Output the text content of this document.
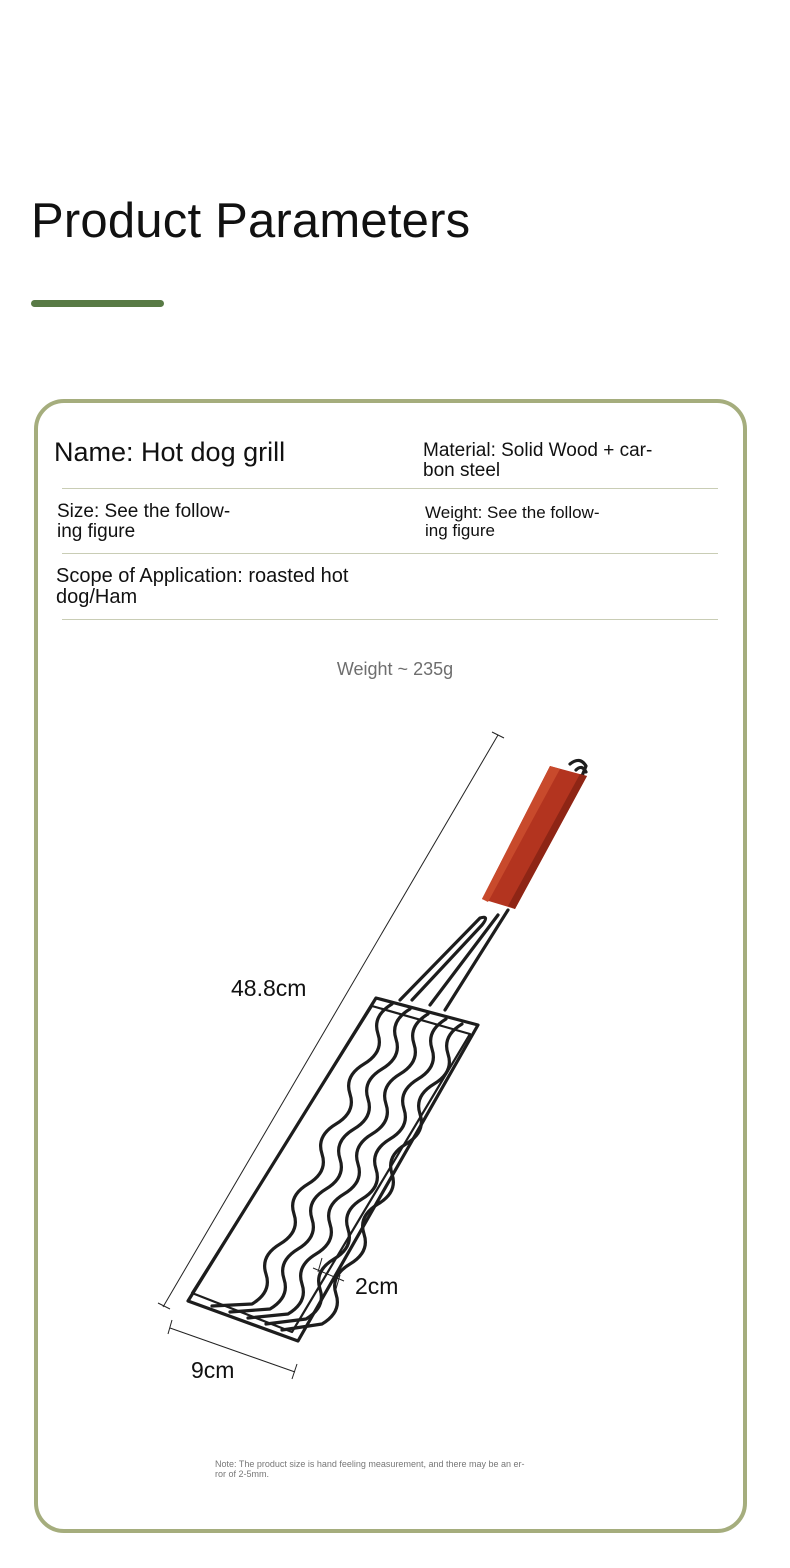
Product Parameters

Name: Hot dog grill	Material: Solid Wood + car-
bon steel

Size: See the follow-
ing figure

Weight: See the follow-
ing figure

Scope of Application: roasted hot
dog/Ham

Weight ~ 235g
48.8cm
2cm
9cm
Note: The product size is hand feeling measurement, and there may be an er-
ror of 2-5mm.
